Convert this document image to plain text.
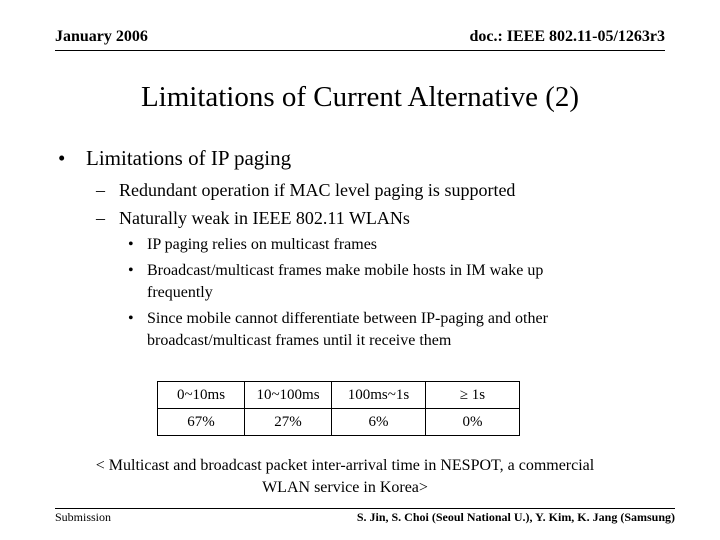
January 2006	doc.: IEEE 802.11-05/1263r3
Limitations of Current Alternative (2)
• Limitations of IP paging
– Redundant operation if MAC level paging is supported
– Naturally weak in IEEE 802.11 WLANs
• IP paging relies on multicast frames
• Broadcast/multicast frames make mobile hosts in IM wake up frequently
• Since mobile cannot differentiate between IP-paging and other broadcast/multicast frames until it receive them
0~10ms	10~100ms	100ms~1s	≥ 1s
67%	27%	6%	0%
< Multicast and broadcast packet inter-arrival time in NESPOT, a commercial WLAN service in Korea>
Submission	S. Jin, S. Choi (Seoul National U.), Y. Kim, K. Jang (Samsung)
